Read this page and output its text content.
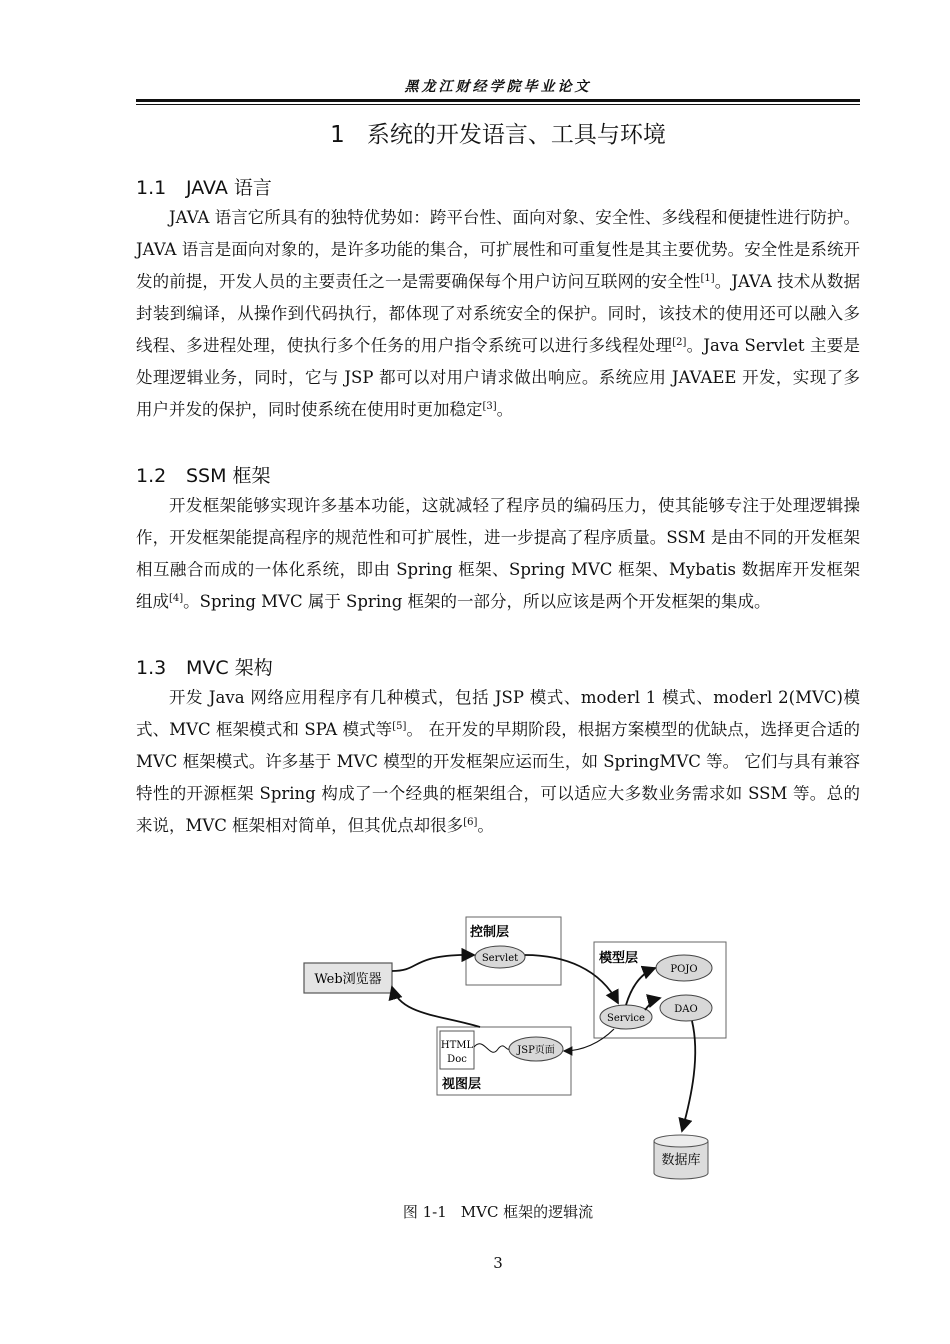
黑龙江财经学院毕业论文
1 系统的开发语言、工具与环境
1.1 JAVA 语言

JAVA 语言它所具有的独特优势如：跨平台性、面向对象、安全性、多线程和便捷性进行防护。JAVA 语言是面向对象的，是许多功能的集合，可扩展性和可重复性是其主要优势。安全性是系统开发的前提，开发人员的主要责任之一是需要确保每个用户访问互联网的安全性[1]。JAVA 技术从数据封装到编译，从操作到代码执行，都体现了对系统安全的保护。同时，该技术的使用还可以融入多线程、多进程处理，使执行多个任务的用户指令系统可以进行多线程处理[2]。Java Servlet 主要是处理逻辑业务，同时，它与 JSP 都可以对用户请求做出响应。系统应用 JAVAEE 开发，实现了多用户并发的保护，同时使系统在使用时更加稳定[3]。

1.2 SSM 框架

开发框架能够实现许多基本功能，这就减轻了程序员的编码压力，使其能够专注于处理逻辑操作，开发框架能提高程序的规范性和可扩展性，进一步提高了程序质量。SSM 是由不同的开发框架相互融合而成的一体化系统，即由 Spring 框架、Spring MVC 框架、Mybatis 数据库开发框架组成[4]。Spring MVC 属于 Spring 框架的一部分，所以应该是两个开发框架的集成。

1.3 MVC 架构

开发 Java 网络应用程序有几种模式，包括 JSP 模式、moderl 1 模式、moderl 2(MVC)模式、MVC 框架模式和 SPA 模式等[5]。 在开发的早期阶段，根据方案模型的优缺点，选择更合适的 MVC 框架模式。许多基于 MVC 模型的开发框架应运而生，如 SpringMVC 等。 它们与具有兼容特性的开源框架 Spring 构成了一个经典的框架组合，可以适应大多数业务需求如 SSM 等。总的来说，MVC 框架相对简单，但其优点却很多[6]。

Web浏览器
控制层
Servlet	模型层
POJO
DAO
Service
HTML
Doc
JSP页面
视图层
数据库
图 1-1 MVC 框架的逻辑流
3
